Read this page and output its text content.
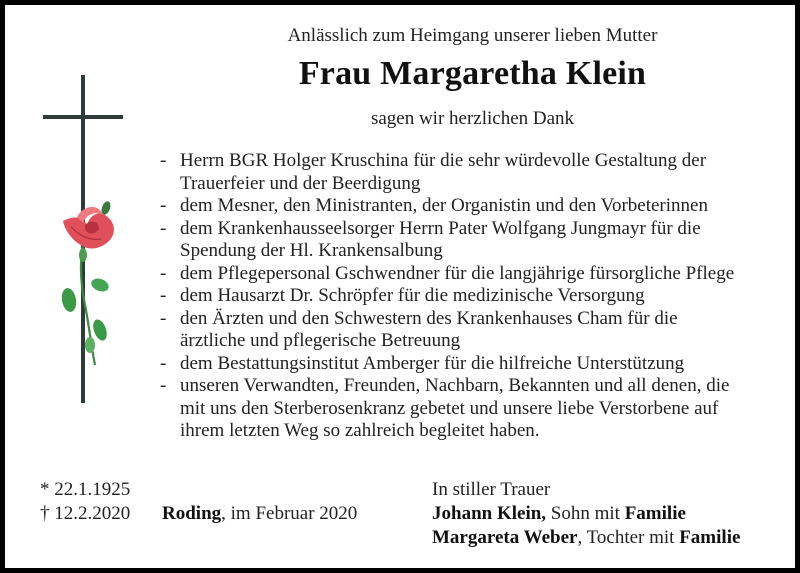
Anlässlich zum Heimgang unserer lieben Mutter
Frau Margaretha Klein
sagen wir herzlichen Dank
- Herrn BGR Holger Kruschina für die sehr würdevolle Gestaltung der
Trauerfeier und der Beerdigung
- dem Mesner, den Ministranten, der Organistin und den Vorbeterinnen
- dem Krankenhausseelsorger Herrn Pater Wolfgang Jungmayr für die
Spendung der Hl. Krankensalbung
- dem Pflegepersonal Gschwendner für die langjährige fürsorgliche Pflege
- dem Hausarzt Dr. Schröpfer für die medizinische Versorgung
- den Ärzten und den Schwestern des Krankenhauses Cham für die
ärztliche und pflegerische Betreuung
- dem Bestattungsinstitut Amberger für die hilfreiche Unterstützung
- unseren Verwandten, Freunden, Nachbarn, Bekannten und all denen, die
mit uns den Sterberosenkranz gebetet und unsere liebe Verstorbene auf
ihrem letzten Weg so zahlreich begleitet haben.
* 22.1.1925
† 12.2.2020 Roding, im Februar 2020
In stiller Trauer
Johann Klein, Sohn mit Familie
Margareta Weber, Tochter mit Familie
